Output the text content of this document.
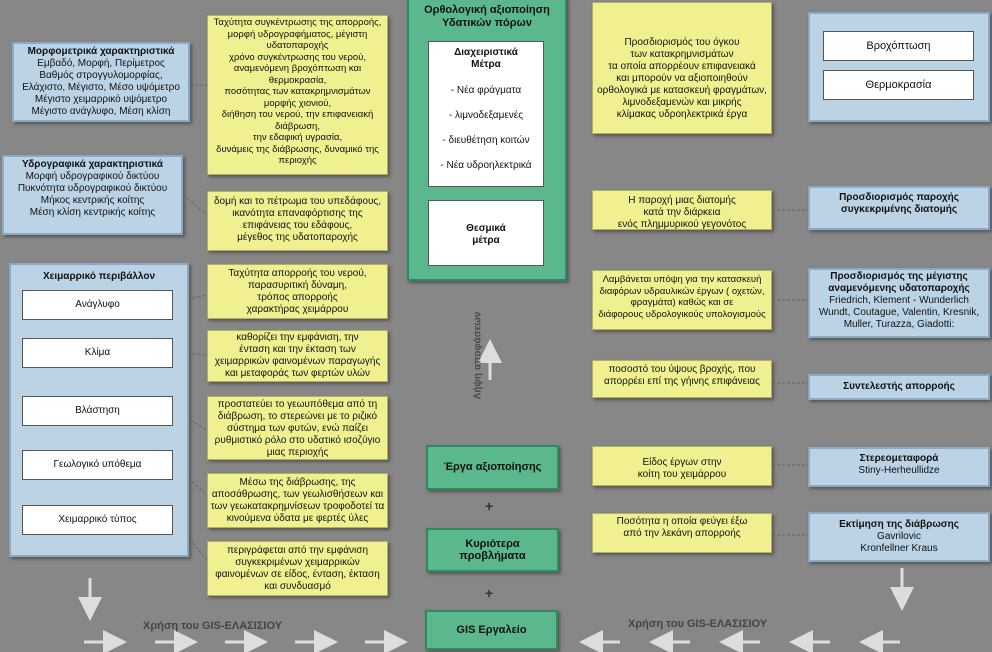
Μορφομετρικά χαρακτηριστικά
Εμβαδό, Μορφή, Περίμετρος
Βαθμός στρογγυλομορφίας,
Ελάχιστο, Μέγιστο, Μέσο υψόμετρο
Μέγιστο χειμαρρικό υψόμετρο
Μέγιστο ανάγλυφο, Μέση κλίση
Υδρογραφικά χαρακτηριστικά
Μορφή υδρογραφικού δικτύου
Πυκνότητα υδρογραφικού δικτύου
Μήκος κεντρικής κοίτης
Μέση κλίση κεντρικής κοίτης
Χειμαρρικό περιβάλλον
Ανάγλυφο
Κλίμα
Βλάστηση
Γεωλογικό υπόθεμα
Χειμαρρικό τύπος
Ταχύτητα συγκέντρωσης της απορροής,
μορφή υδρογραφήματος, μέγιστη
υδατοπαροχής
χρόνο συγκέντρωσης του νερού,
αναμενόμενη βροχόπτωση και
θερμοκρασία,
ποσότητας των κατακρημνισμάτων
μορφής χιονιού,
διήθηση του νερού, την επιφανειακή
διάβρωση,
την εδαφική υγρασία,
δυνάμεις της διάβρωσης, δυναμικό της
περιοχής
δομή και το πέτρωμα του υπεδάφους,
ικανότητα επαναφόρτισης της
επιφάνειας του εδάφους,
μέγεθος της υδατοπαροχής
Ταχύτητα απορροής του νερού,
παρασυριτική δύναμη,
τρόπος απορροής
χαρακτήρας χειμάρρου
καθορίζει την εμφάνιση, την
ένταση και την έκταση των
χειμαρρικών φαινομένων παραγωγής
και μεταφοράς των φερτών υλών
προστατεύει το γεωυπόθεμα από τη
διάβρωση, το στερεώνει με το ριζικό
σύστημα των φυτών, ενώ παίζει
ρυθμιστικό ρόλο στο υδατικό ισοζύγιο
μιας περιοχής
Μέσω της διάβρωσης, της
αποσάθρωσης, των γεωλισθήσεων και
των γεωκατακρημνίσεων τροφοδοτεί τα
κινούμενα ύδατα με φερτές ύλες
περιγράφεται από την εμφάνιση
συγκεκριμένων χειμαρρικών
φαινομένων σε είδος, ένταση, έκταση
και συνδυασμό
Ορθολογική αξιοποίηση
Υδατικών πόρων
Διαχειριστικά
Μέτρα
- Νέα φράγματα
- λιμνοδεξαμενές
- διευθέτηση κοιτών
- Νέα υδροηλεκτρικά
Θεσμικά
μέτρα
Λήψη αποφάσεων
Έργα αξιοποίησης
+
Κυριότερα
προβλήματα
+
GIS Εργαλείο
Προσδιορισμός του όγκου
των κατακρημνισμάτων
τα οποία απορρέουν επιφανειακά
και μπορούν να αξιοποιηθούν
ορθολογικά με κατασκευή φραγμάτων,
λιμνοδεξαμενών και μικρής
κλίμακας υδροηλεκτρικά έργα
Η παροχή μιας διατομής
κατά την διάρκεια
ενός πλημμυρικού γεγονότος
Λαμβάνεται υπόψη για την κατασκευή
διαφόρων υδραυλικών έργων ( οχετών,
φραγμάτα) καθώς και σε
διάφορους υδρολογικούς υπολογισμούς
ποσοστό του ύψους βροχής, που
απορρέει επί της γήινης επιφάνειας
Είδος έργων στην
κοίτη του χειμάρρου
Ποσότητα η οποία φεύγει έξω
από την λεκάνη απορροής
Βροχόπτωση
Θερμοκρασία
Προσδιορισμός παροχής
συγκεκριμένης διατομής
Προσδιορισμός της μέγιστης
αναμενόμενης υδατοπαροχής
Friedrich, Klement - Wunderlich
Wundt, Coutague, Valentin, Kresnik,
Muller, Turazza, Giadotti:
Συντελεστής απορροής
Στερεομεταφορά
Stiny-Herheullidze
Εκτίμηση της διάβρωσης
Gavrilovic
Kronfellner Kraus
Χρήση του GIS-ΕΛΑΣΙΣΙΟΥ	Χρήση του GIS-ΕΛΑΣΙΣΙΟΥ
